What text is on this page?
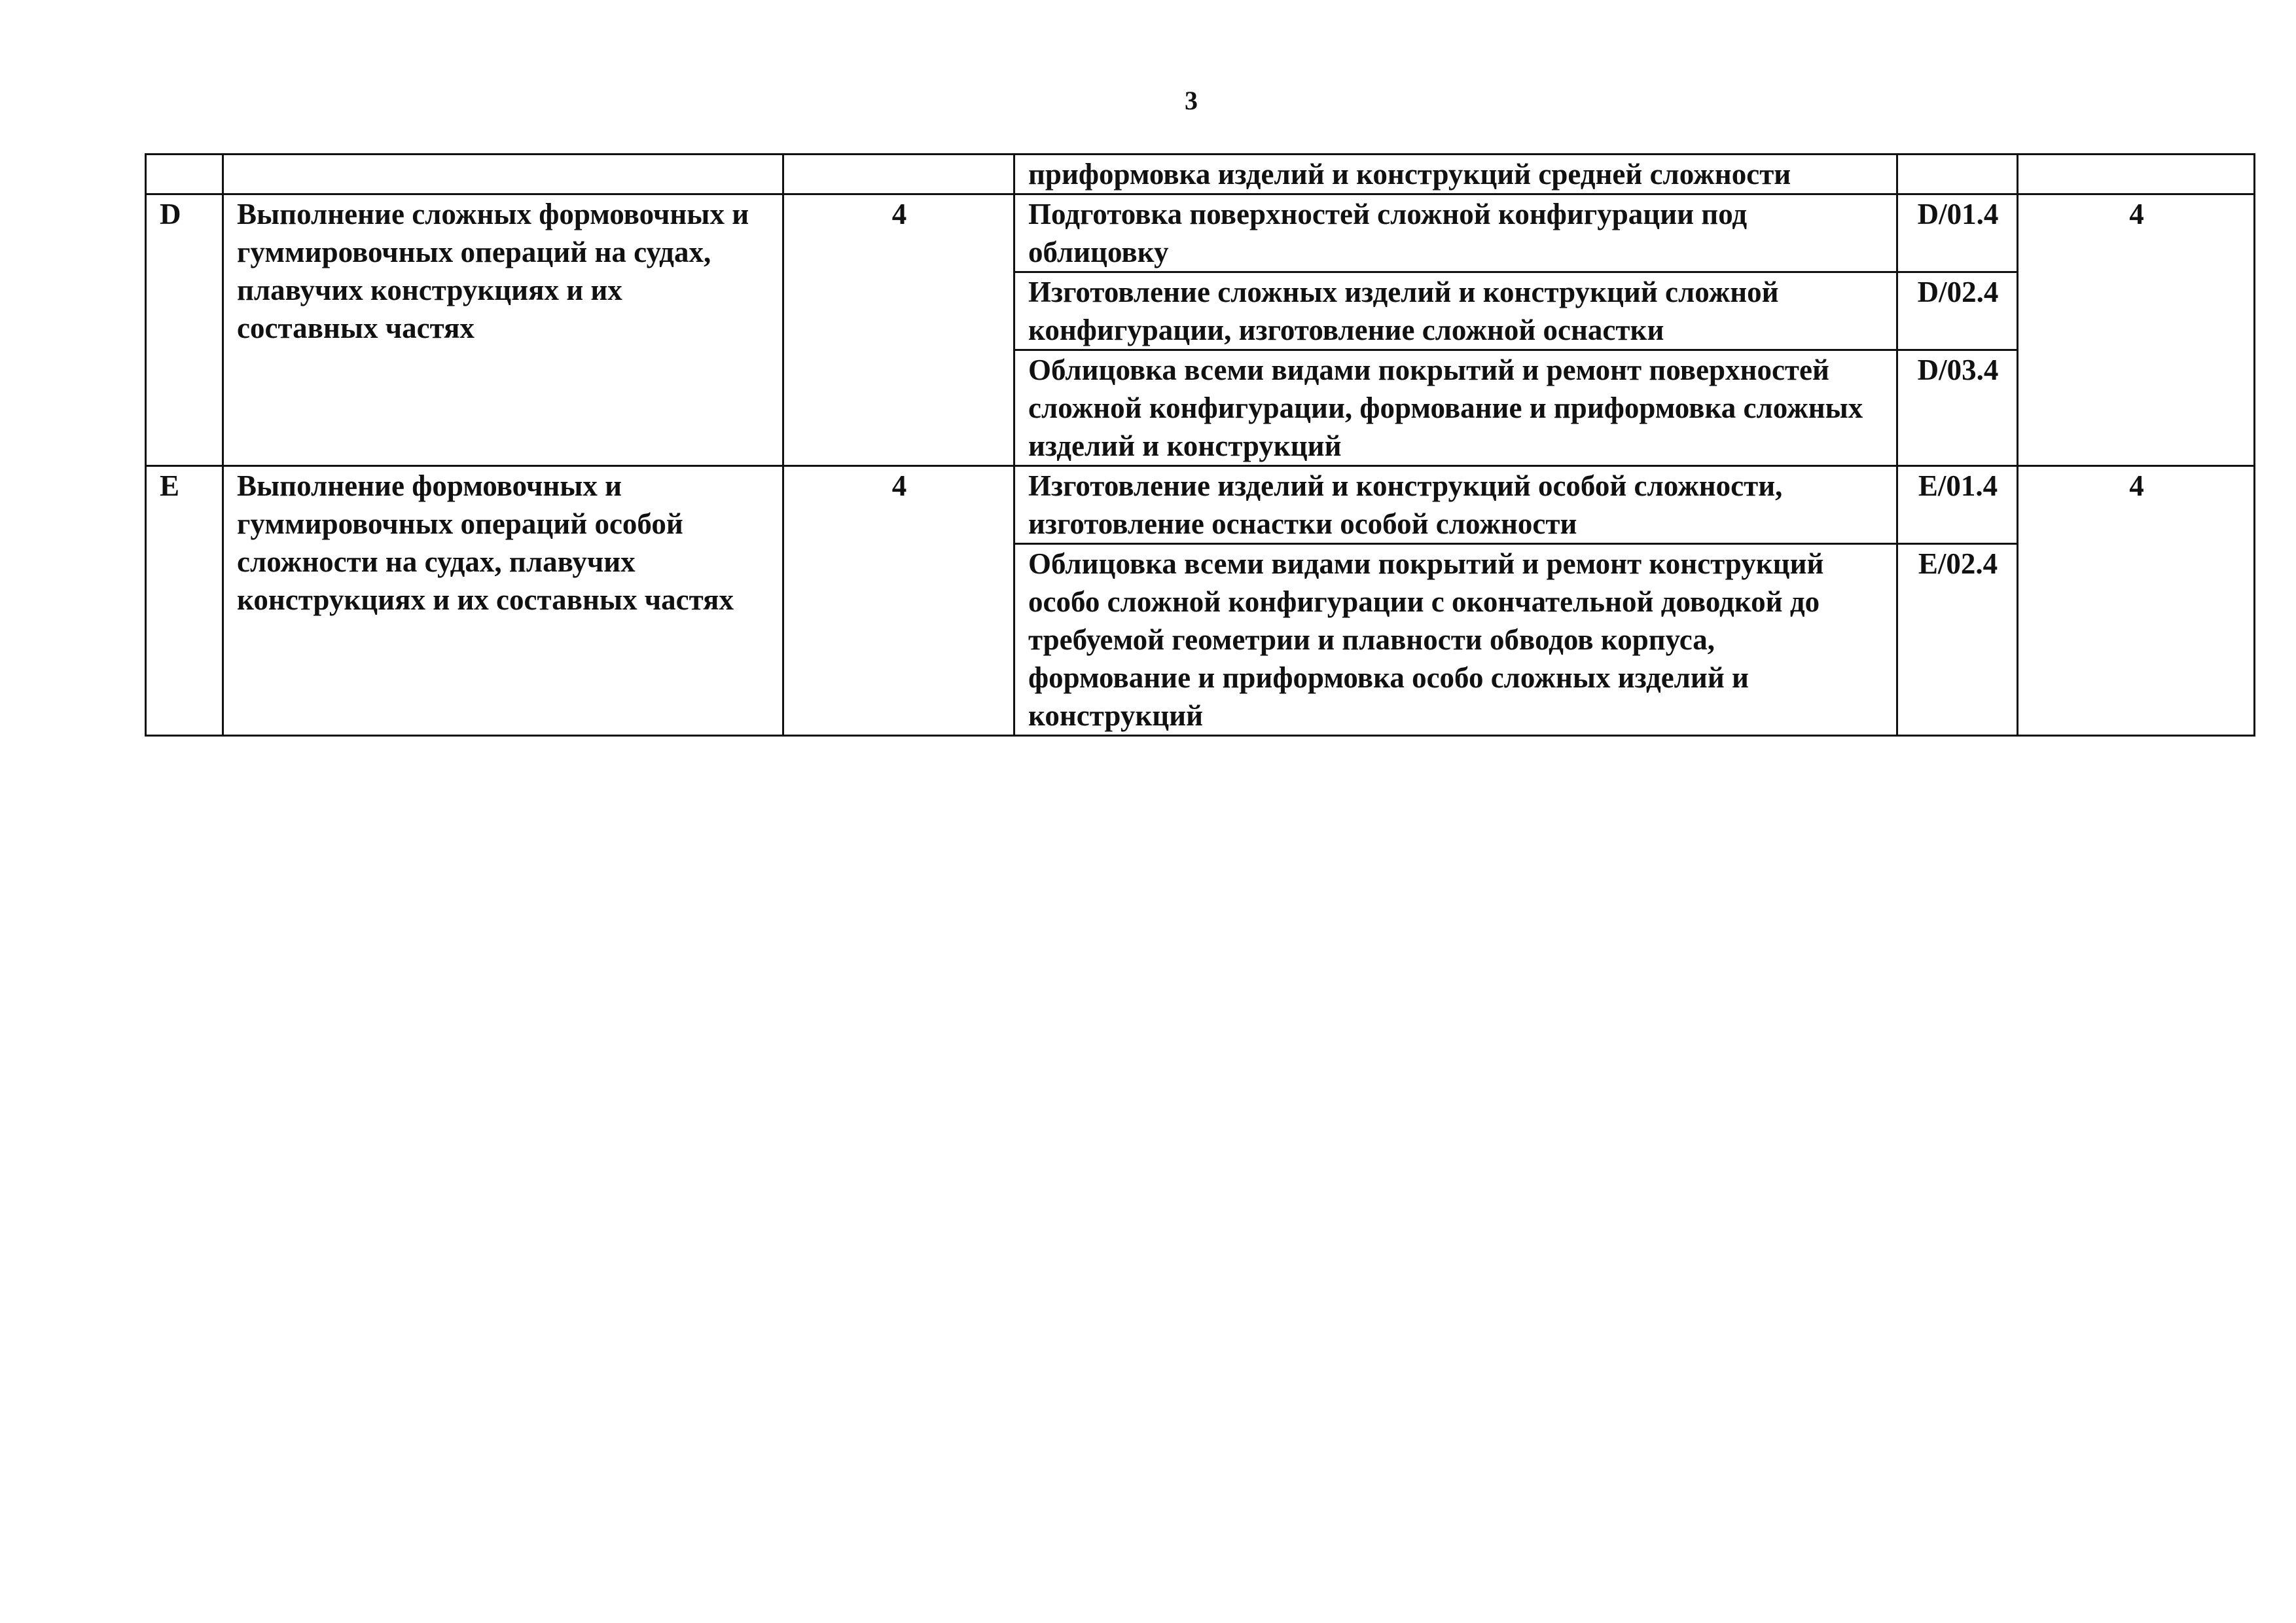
3
			приформовка изделий и конструкций средней сложности		
D	Выполнение сложных формовочных и гуммировочных операций на судах, плавучих конструкциях и их составных частях	4	Подготовка поверхностей сложной конфигурации под облицовку	D/01.4	4
			Изготовление сложных изделий и конструкций сложной конфигурации, изготовление сложной оснастки	D/02.4	
			Облицовка всеми видами покрытий и ремонт поверхностей сложной конфигурации, формование и приформовка сложных изделий и конструкций	D/03.4	
E	Выполнение формовочных и гуммировочных операций особой сложности на судах, плавучих конструкциях и их составных частях	4	Изготовление изделий и конструкций особой сложности, изготовление оснастки особой сложности	E/01.4	4
			Облицовка всеми видами покрытий и ремонт конструкций особо сложной конфигурации с окончательной доводкой до требуемой геометрии и плавности обводов корпуса, формование и приформовка особо сложных изделий и конструкций	E/02.4	
